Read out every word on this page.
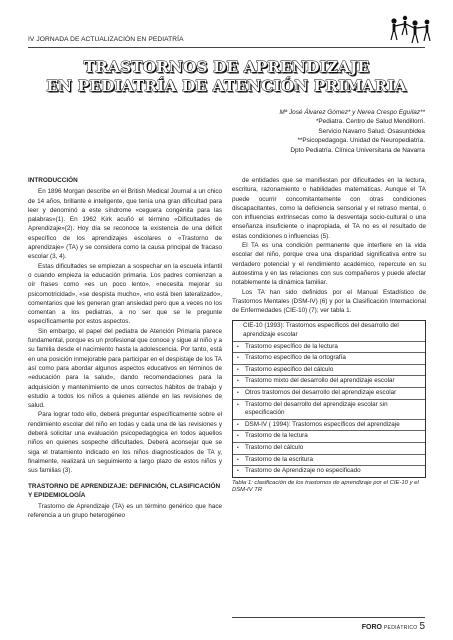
IV JORNADA DE ACTUALIZACIÓN EN PEDIATRÍA
TRASTORNOS DE APRENDIZAJE
EN PEDIATRÍA DE ATENCIÓN PRIMARIA
Mª José Álvarez Gómez* y Nerea Crespo Eguílaz**
*Pediatra. Centro de Salud Mendillorri.
Servicio Navarro Salud. Osasunbidea
**Psicopedagoga. Unidad de Neuropediatría.
Dpto Pediatría. Clínica Universitaria de Navarra
INTRODUCCIÓN

En 1896 Morgan describe en el British Medical Journal a un chico de 14 años, brillante e inteligente, que tenía una gran dificultad para leer y denominó a este síndrome «ceguera congénita para las palabras»(1). En 1962 Kirk acuñó el término «Dificultades de Aprendizaje»(2). Hoy día se reconoce la existencia de una déficit específico de los aprendizajes escolares o «Trastorno de aprendizaje» (TA) y se considera como la causa principal de fracaso escolar (3, 4).

Estas dificultades se empiezan a sospechar en la escuela infantil o cuando empieza la educación primaria. Los padres comienzan a oír frases como «es un poco lento», «necesita mejorar su psicomotricidad», «se despista mucho», «no está bien lateralizado», comentarios que les generan gran ansiedad pero que a veces no los comentan a los pediatras, a no ser que se le pregunte específicamente por estos aspectos.

Sin embargo, el papel del pediatra de Atención Primaria parece fundamental, porque es un profesional que conoce y sigue al niño y a su familia desde el nacimiento hasta la adolescencia. Por tanto, está en una posición inmejorable para participar en el despistaje de los TA así como para abordar algunos aspectos educativos en términos de «educación para la salud», dando recomendaciones para la adquisición y mantenimiento de unos correctos hábitos de trabajo y estudio a todos los niños a quienes atiende en las revisiones de salud.

Para lograr todo ello, deberá preguntar específicamente sobre el rendimiento escolar del niño en todas y cada una de las revisiones y deberá solicitar una evaluación psicopedagógica en todos aquellos niños en quienes sospeche dificultades. Deberá aconsejar que se siga el tratamiento indicado en los niños diagnosticados de TA y, finalmente, realizará un seguimiento a largo plazo de estos niños y sus familias (3).

TRASTORNO DE APRENDIZAJE: DEFINICIÓN, CLASIFICACIÓN Y EPIDEMIOLOGÍA

Trastorno de Aprendizaje (TA) es un término genérico que hace referencia a un grupo heterogéneo

de entidades que se manifiestan por dificultades en la lectura, escritura, razonamiento o habilidades matemáticas. Aunque el TA puede ocurrir concomitantemente con otras condiciones discapacitantes, como la deficiencia sensorial y el retraso mental, o con influencias extrínsecas como la desventaja socio-cultural o una enseñanza insuficiente o inapropiada, el TA no es el resultado de estas condiciones o influencias (5).

El TA es una condición permanente que interfiere en la vida escolar del niño, porque crea una disparidad significativa entre su verdadero potencial y el rendimiento académico, repercute en su autoestima y en las relaciones con sus compañeros y puede afectar notablemente la dinámica familiar.

Los TA han sido definidos por el Manual Estadístico de Trastornos Mentales (DSM-IV) (6) y por la Clasificación Internacional de Enfermedades (CIE-10) (7); ver tabla 1.

CIE-10 (1993): Trastornos específicos del desarrollo del aprendizaje escolar
• Trastorno específico de la lectura
• Trastorno específico de la ortografía
• Trastorno específico del cálculo
• Trastorno mixto del desarrollo del aprendizaje escolar
• Otros trastornos del desarrollo del aprendizaje escolar
• Trastorno del desarrollo del aprendizaje escolar sin especificación
• DSM-IV ( 1994): Trastornos específicos del aprendizaje
• Trastorno de la lectura
• Trastorno del cálculo
• Trastorno de la escritura
• Trastorno de Aprendizaje no especificado
Tabla 1: clasificación de los trastornos de aprendizaje por el CIE-10 y el DSM-IV TR
FORO PEDIÁTRICO 5
